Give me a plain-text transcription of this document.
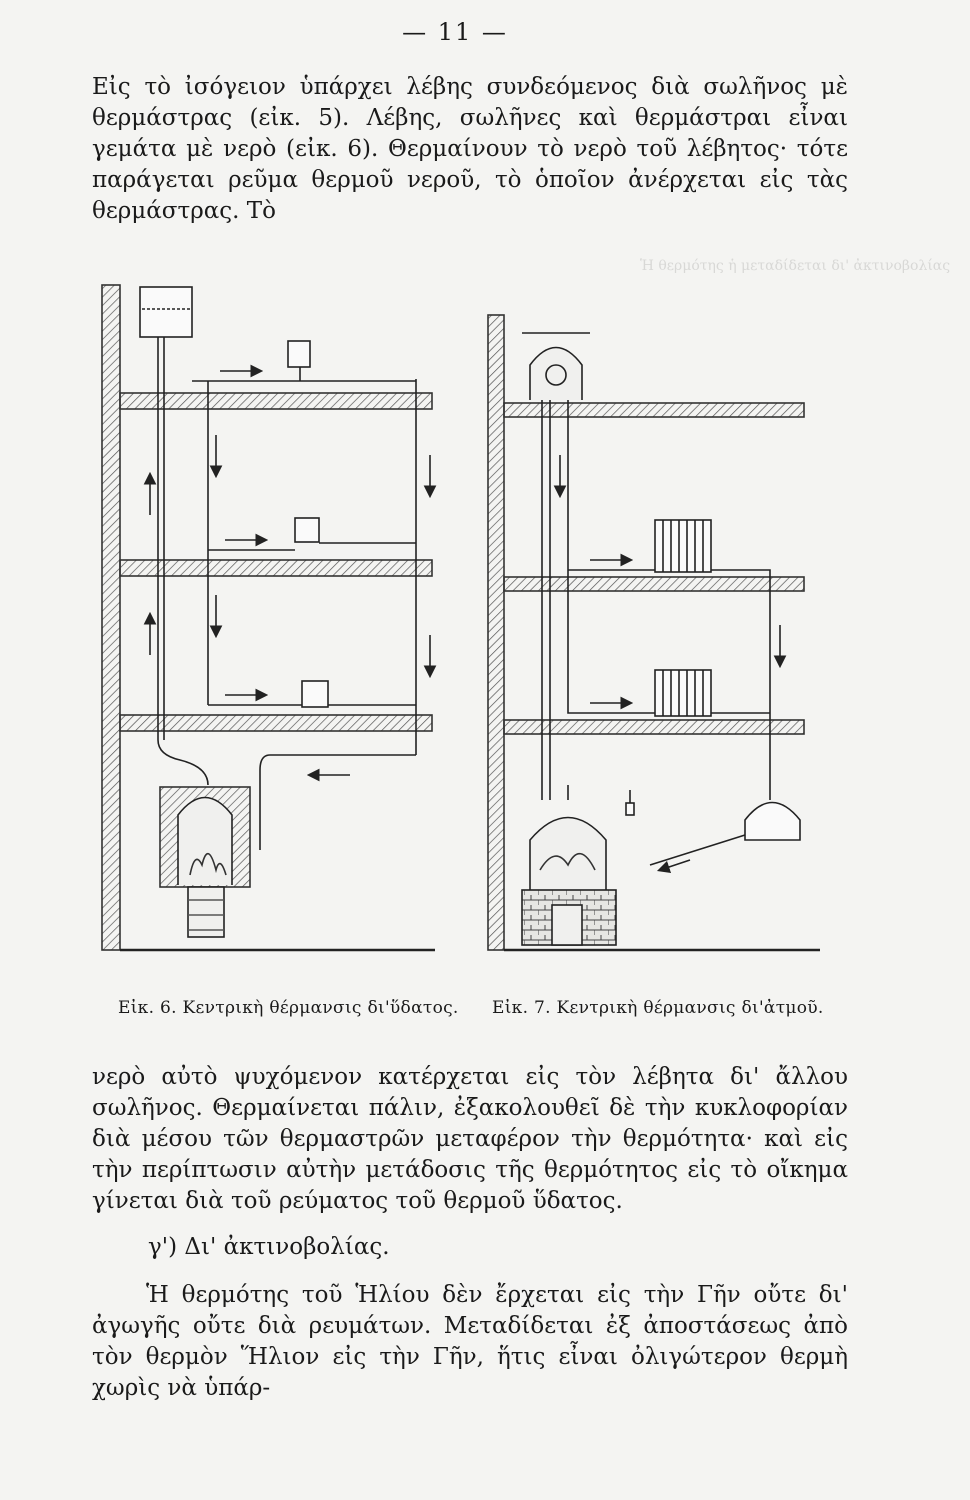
— 11 —

Εἰς τὸ ἰσόγειον ὑπάρχει λέβης συνδεόμενος διὰ σωλῆνος μὲ θερμάστρας (εἰκ. 5). Λέβης, σωλῆνες καὶ θερμάστραι εἶναι γεμάτα μὲ νερὸ (εἰκ. 6). Θερμαίνουν τὸ νερὸ τοῦ λέβητος· τότε παράγεται ρεῦμα θερμοῦ νεροῦ, τὸ ὁποῖον ἀνέρχεται εἰς τὰς θερμάστρας. Τὸ

Ἡ θερμότης ἡ μεταδίδεται δι' ἀκτινοβολίας
Εἰκ. 6. Κεντρικὴ θέρμανσις δι'ὕδατος. Εἰκ. 7. Κεντρικὴ θέρμανσις δι'ἀτμοῦ.

νερὸ αὐτὸ ψυχόμενον κατέρχεται εἰς τὸν λέβητα δι' ἄλλου σωλῆνος. Θερμαίνεται πάλιν, ἐξακολουθεῖ δὲ τὴν κυκλοφορίαν διὰ μέσου τῶν θερμαστρῶν μεταφέρον τὴν θερμότητα· καὶ εἰς τὴν περίπτωσιν αὐτὴν μετάδοσις τῆς θερμότητος εἰς τὸ οἴκημα γίνεται διὰ τοῦ ρεύματος τοῦ θερμοῦ ὕδατος.

γ') Δι' ἀκτινοβολίας.

Ἡ θερμότης τοῦ Ἡλίου δὲν ἔρχεται εἰς τὴν Γῆν οὔτε δι' ἀγωγῆς οὔτε διὰ ρευμάτων. Μεταδίδεται ἐξ ἀποστάσεως ἀπὸ τὸν θερμὸν Ἥλιον εἰς τὴν Γῆν, ἥτις εἶναι ὀλιγώτερον θερμὴ χωρὶς νὰ ὑπάρ-
